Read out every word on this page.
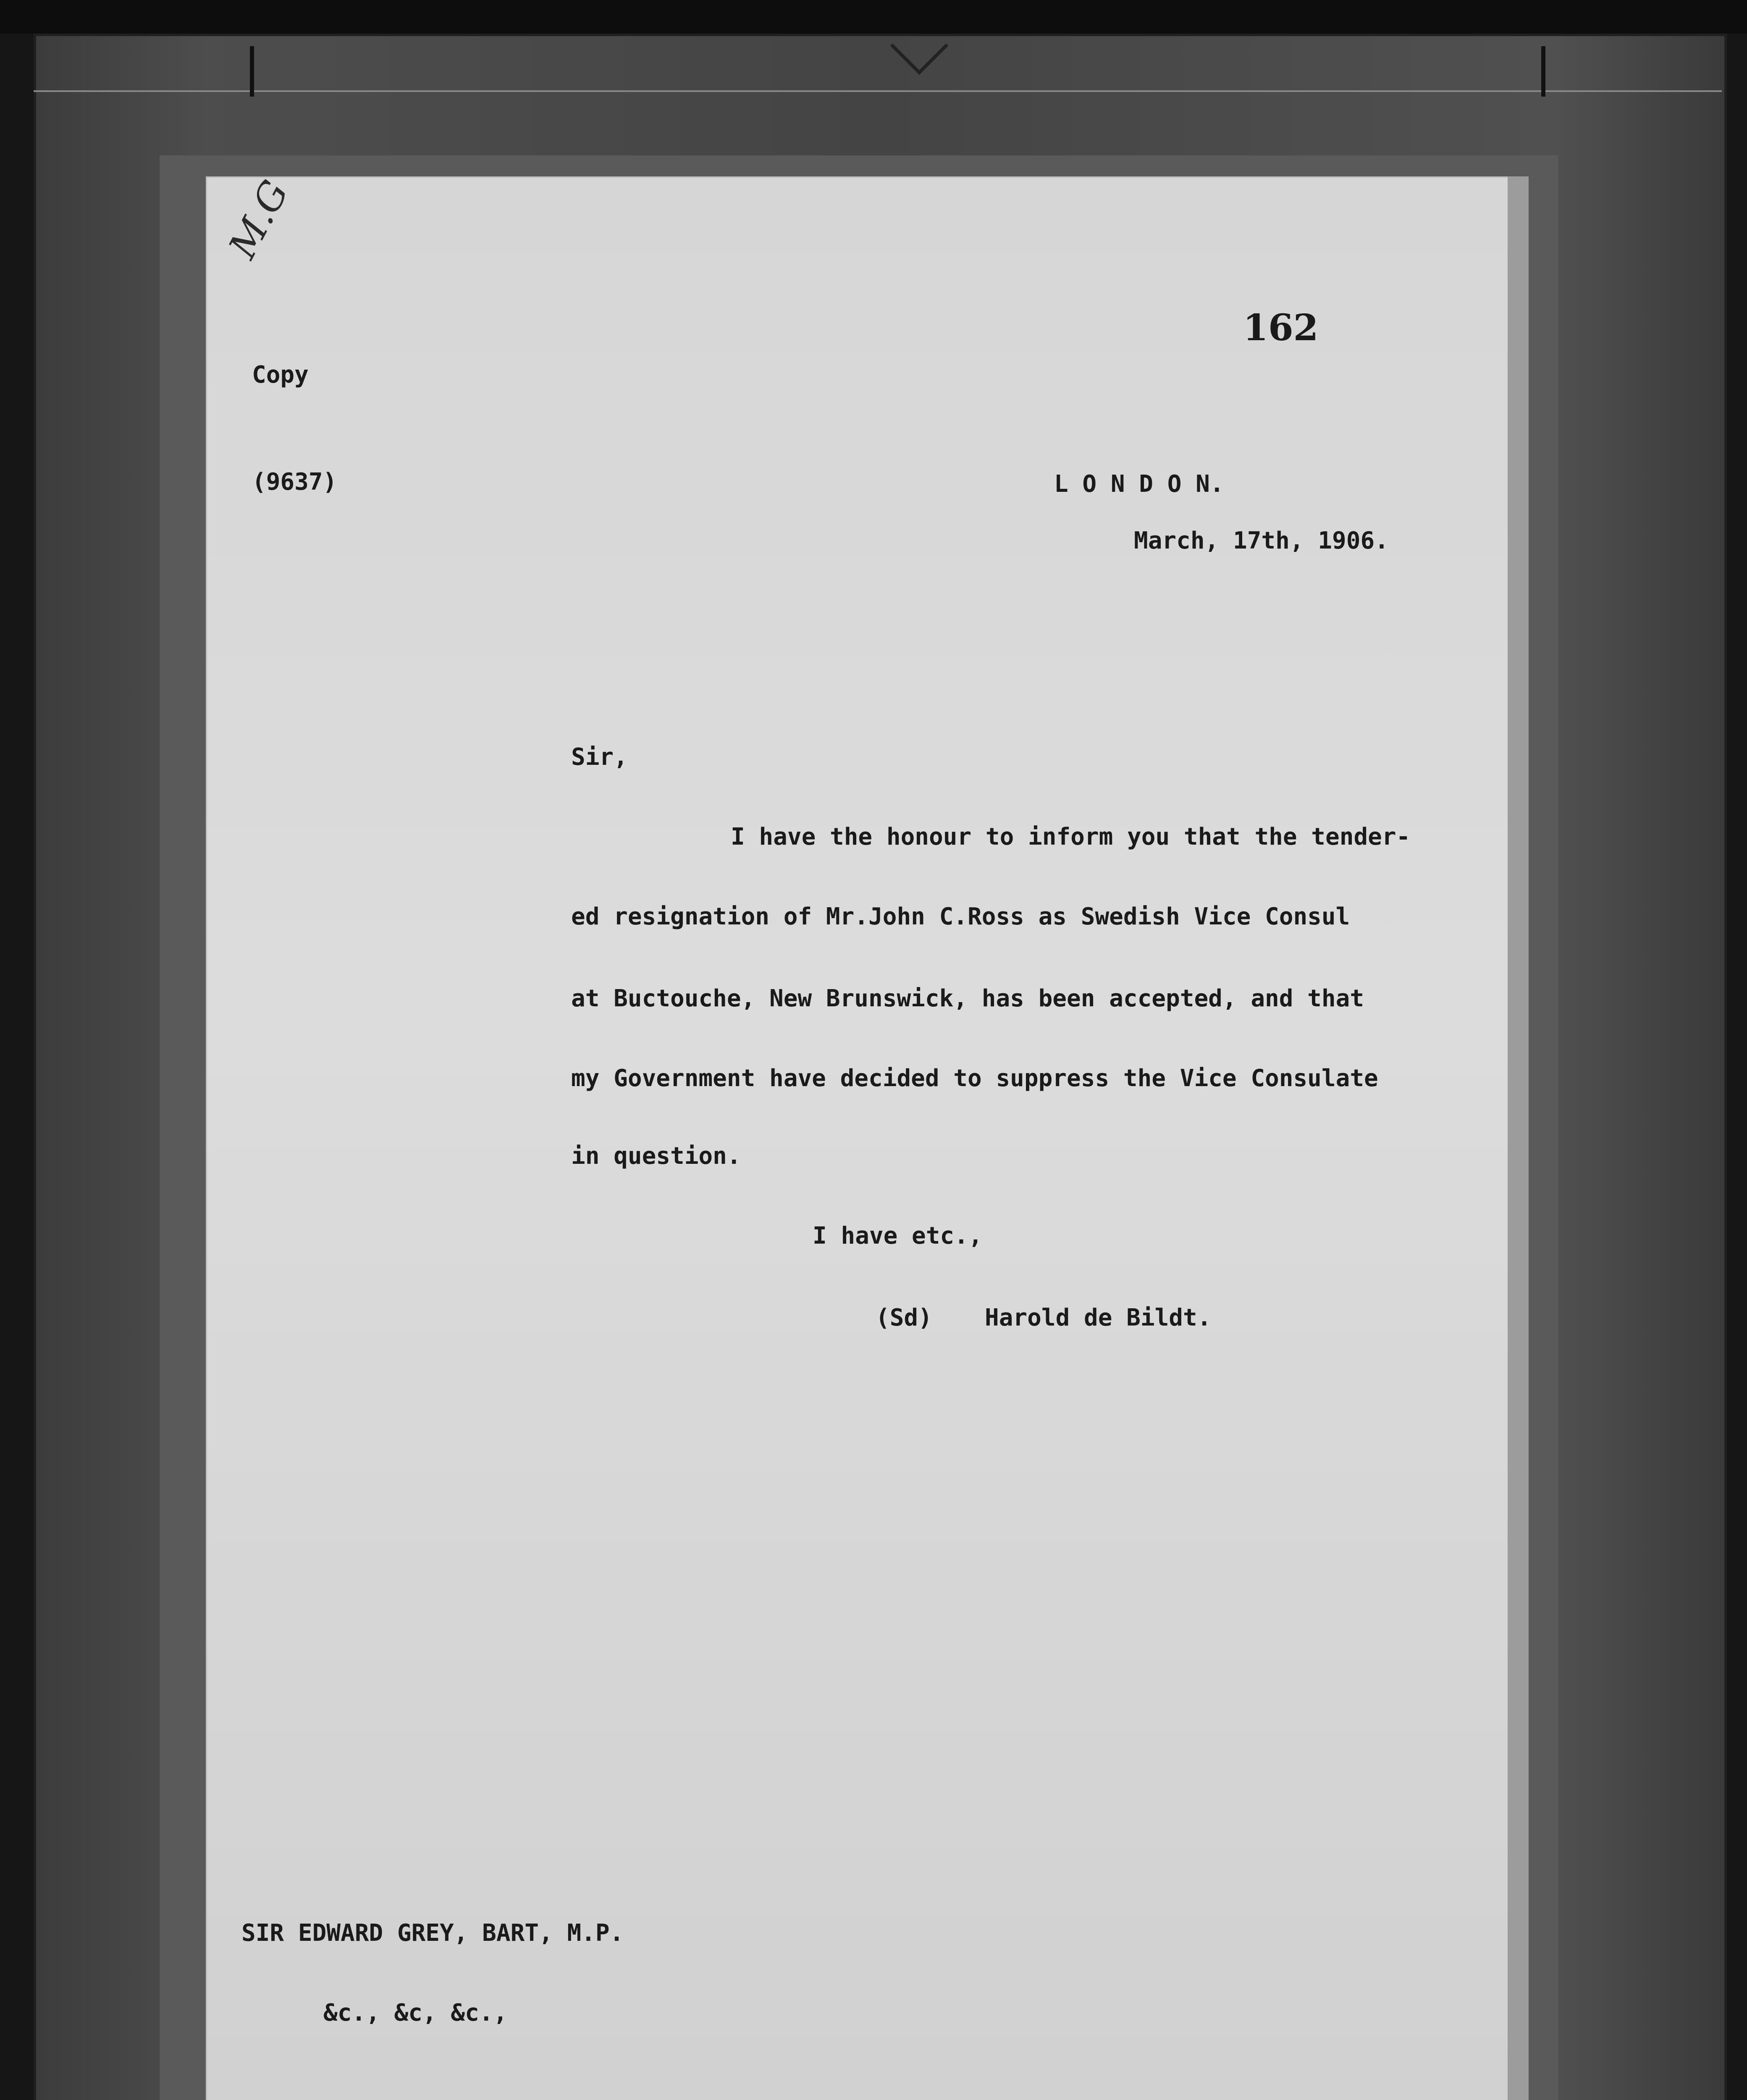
M.G
162
Copy
(9637)	L O N D O N.
March, 17th, 1906.
Sir,
I have the honour to inform you that the tender-
ed resignation of Mr.John C.Ross as Swedish Vice Consul
at Buctouche, New Brunswick, has been accepted, and that
my Government have decided to suppress the Vice Consulate
in question.
I have etc.,
(Sd) Harold de Bildt.
SIR EDWARD GREY, BART, M.P.
&c., &c, &c.,
